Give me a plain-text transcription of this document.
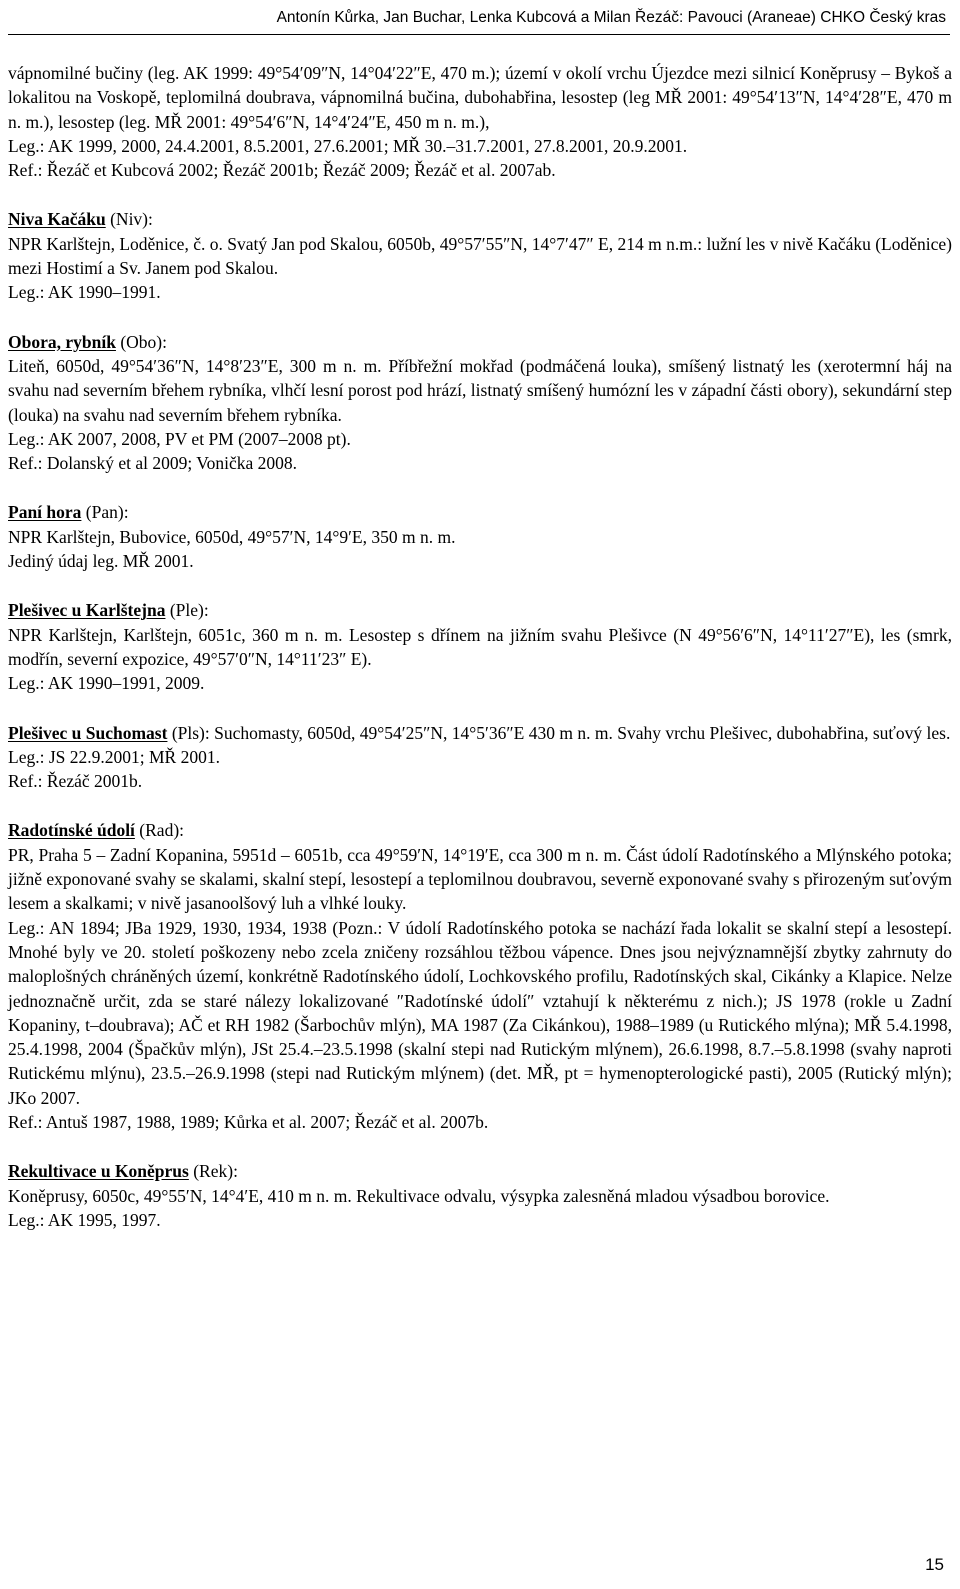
Antonín Kůrka, Jan Buchar, Lenka Kubcová a Milan Řezáč: Pavouci (Araneae) CHKO Český kras

vápnomilné bučiny (leg. AK 1999: 49°54′09″N, 14°04′22″E, 470 m.); území v okolí vrchu Újezdce mezi silnicí Koněprusy – Bykoš a lokalitou na Voskopě, teplomilná doubrava, vápnomilná bučina, dubohabřina, lesostep (leg MŘ 2001: 49°54′13″N, 14°4′28″E, 470 m n. m.), lesostep (leg. MŘ 2001: 49°54′6″N, 14°4′24″E, 450 m n. m.),

Leg.: AK 1999, 2000, 24.4.2001, 8.5.2001, 27.6.2001; MŘ 30.–31.7.2001, 27.8.2001, 20.9.2001.

Ref.: Řezáč et Kubcová 2002; Řezáč 2001b; Řezáč 2009; Řezáč et al. 2007ab.

Niva Kačáku (Niv):

NPR Karlštejn, Loděnice, č. o. Svatý Jan pod Skalou, 6050b, 49°57′55″N, 14°7′47″ E, 214 m n.m.: lužní les v nivě Kačáku (Loděnice) mezi Hostimí a Sv. Janem pod Skalou.

Leg.: AK 1990–1991.

Obora, rybník (Obo):

Liteň, 6050d, 49°54′36″N, 14°8′23″E, 300 m n. m. Příbřežní mokřad (podmáčená louka), smíšený listnatý les (xerotermní háj na svahu nad severním břehem rybníka, vlhčí lesní porost pod hrází, listnatý smíšený humózní les v západní části obory), sekundární step (louka) na svahu nad severním břehem rybníka.

Leg.: AK 2007, 2008, PV et PM (2007–2008 pt).

Ref.: Dolanský et al 2009; Vonička 2008.

Paní hora (Pan):

NPR Karlštejn, Bubovice, 6050d, 49°57′N, 14°9′E, 350 m n. m.

Jediný údaj leg. MŘ 2001.

Plešivec u Karlštejna (Ple):

NPR Karlštejn, Karlštejn, 6051c, 360 m n. m. Lesostep s dřínem na jižním svahu Plešivce (N 49°56′6″N, 14°11′27″E), les (smrk, modřín, severní expozice, 49°57′0″N, 14°11′23″ E).

Leg.: AK 1990–1991, 2009.

Plešivec u Suchomast (Pls): Suchomasty, 6050d, 49°54′25″N, 14°5′36″E 430 m n. m. Svahy vrchu Plešivec, dubohabřina, suťový les.

Leg.: JS 22.9.2001; MŘ 2001.

Ref.: Řezáč 2001b.

Radotínské údolí (Rad):

PR, Praha 5 – Zadní Kopanina, 5951d – 6051b, cca 49°59′N, 14°19′E, cca 300 m n. m. Část údolí Radotínského a Mlýnského potoka; jižně exponované svahy se skalami, skalní stepí, lesostepí a teplomilnou doubravou, severně exponované svahy s přirozeným suťovým lesem a skalkami; v nivě jasanoolšový luh a vlhké louky.

Leg.: AN 1894; JBa 1929, 1930, 1934, 1938 (Pozn.: V údolí Radotínského potoka se nachází řada lokalit se skalní stepí a lesostepí. Mnohé byly ve 20. století poškozeny nebo zcela zničeny rozsáhlou těžbou vápence. Dnes jsou nejvýznamnější zbytky zahrnuty do maloplošných chráněných území, konkrétně Radotínského údolí, Lochkovského profilu, Radotínských skal, Cikánky a Klapice. Nelze jednoznačně určit, zda se staré nálezy lokalizované ″Radotínské údolí″ vztahují k některému z nich.); JS 1978 (rokle u Zadní Kopaniny, t–doubrava); AČ et RH 1982 (Šarbochův mlýn), MA 1987 (Za Cikánkou), 1988–1989 (u Rutického mlýna); MŘ 5.4.1998, 25.4.1998, 2004 (Špačkův mlýn), JSt 25.4.–23.5.1998 (skalní stepi nad Rutickým mlýnem), 26.6.1998, 8.7.–5.8.1998 (svahy naproti Rutickému mlýnu), 23.5.–26.9.1998 (stepi nad Rutickým mlýnem) (det. MŘ, pt = hymenopterologické pasti), 2005 (Rutický mlýn); JKo 2007.

Ref.: Antuš 1987, 1988, 1989; Kůrka et al. 2007; Řezáč et al. 2007b.

Rekultivace u Koněprus (Rek):

Koněprusy, 6050c, 49°55′N, 14°4′E, 410 m n. m. Rekultivace odvalu, výsypka zalesněná mladou výsadbou borovice.

Leg.: AK 1995, 1997.

15
